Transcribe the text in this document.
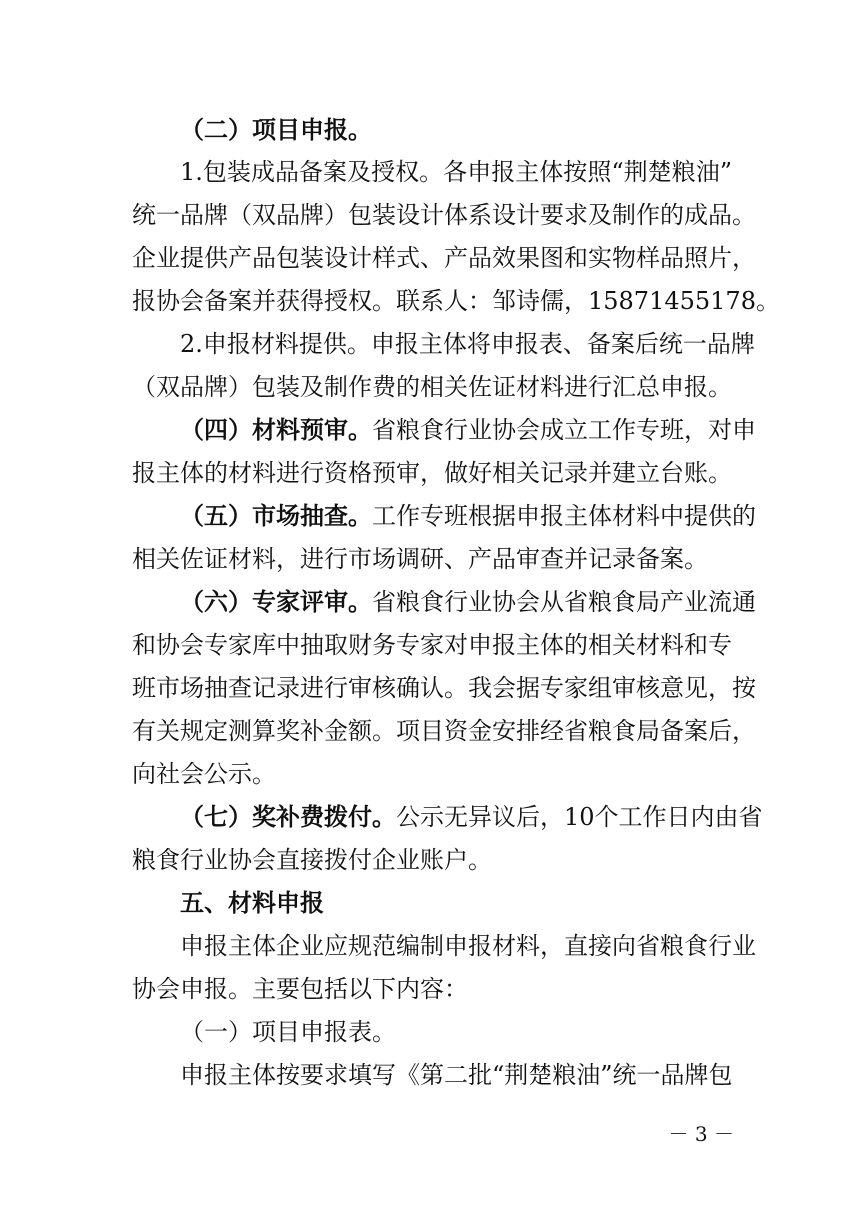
（二）项目申报。
1.包装成品备案及授权。各申报主体按照“荆楚粮油”
统一品牌（双品牌）包装设计体系设计要求及制作的成品。
企业提供产品包装设计样式、产品效果图和实物样品照片，
报协会备案并获得授权。联系人：邹诗儒，15871455178。
2.申报材料提供。申报主体将申报表、备案后统一品牌
（双品牌）包装及制作费的相关佐证材料进行汇总申报。
（四）材料预审。省粮食行业协会成立工作专班，对申
报主体的材料进行资格预审，做好相关记录并建立台账。
（五）市场抽查。工作专班根据申报主体材料中提供的
相关佐证材料，进行市场调研、产品审查并记录备案。
（六）专家评审。省粮食行业协会从省粮食局产业流通
和协会专家库中抽取财务专家对申报主体的相关材料和专
班市场抽查记录进行审核确认。我会据专家组审核意见，按
有关规定测算奖补金额。项目资金安排经省粮食局备案后，
向社会公示。
（七）奖补费拨付。公示无异议后，10个工作日内由省
粮食行业协会直接拨付企业账户。
五、材料申报
申报主体企业应规范编制申报材料，直接向省粮食行业
协会申报。主要包括以下内容：
（一）项目申报表。
申报主体按要求填写《第二批“荆楚粮油”统一品牌包
－ 3 －
